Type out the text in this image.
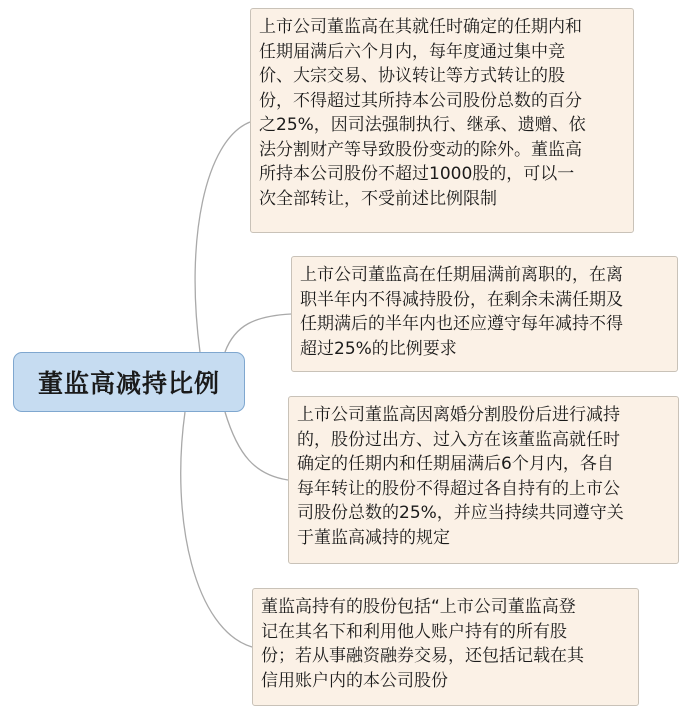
董监高减持比例
上市公司董监高在其就任时确定的任期内和
任期届满后六个月内，每年度通过集中竞
价、大宗交易、协议转让等方式转让的股
份，不得超过其所持本公司股份总数的百分
之25%，因司法强制执行、继承、遗赠、依
法分割财产等导致股份变动的除外。董监高
所持本公司股份不超过1000股的，可以一
次全部转让，不受前述比例限制
上市公司董监高在任期届满前离职的，在离
职半年内不得减持股份，在剩余未满任期及
任期满后的半年内也还应遵守每年减持不得
超过25%的比例要求
上市公司董监高因离婚分割股份后进行减持
的，股份过出方、过入方在该董监高就任时
确定的任期内和任期届满后6个月内，各自
每年转让的股份不得超过各自持有的上市公
司股份总数的25%，并应当持续共同遵守关
于董监高减持的规定
董监高持有的股份包括“上市公司董监高登
记在其名下和利用他人账户持有的所有股
份；若从事融资融券交易，还包括记载在其
信用账户内的本公司股份
